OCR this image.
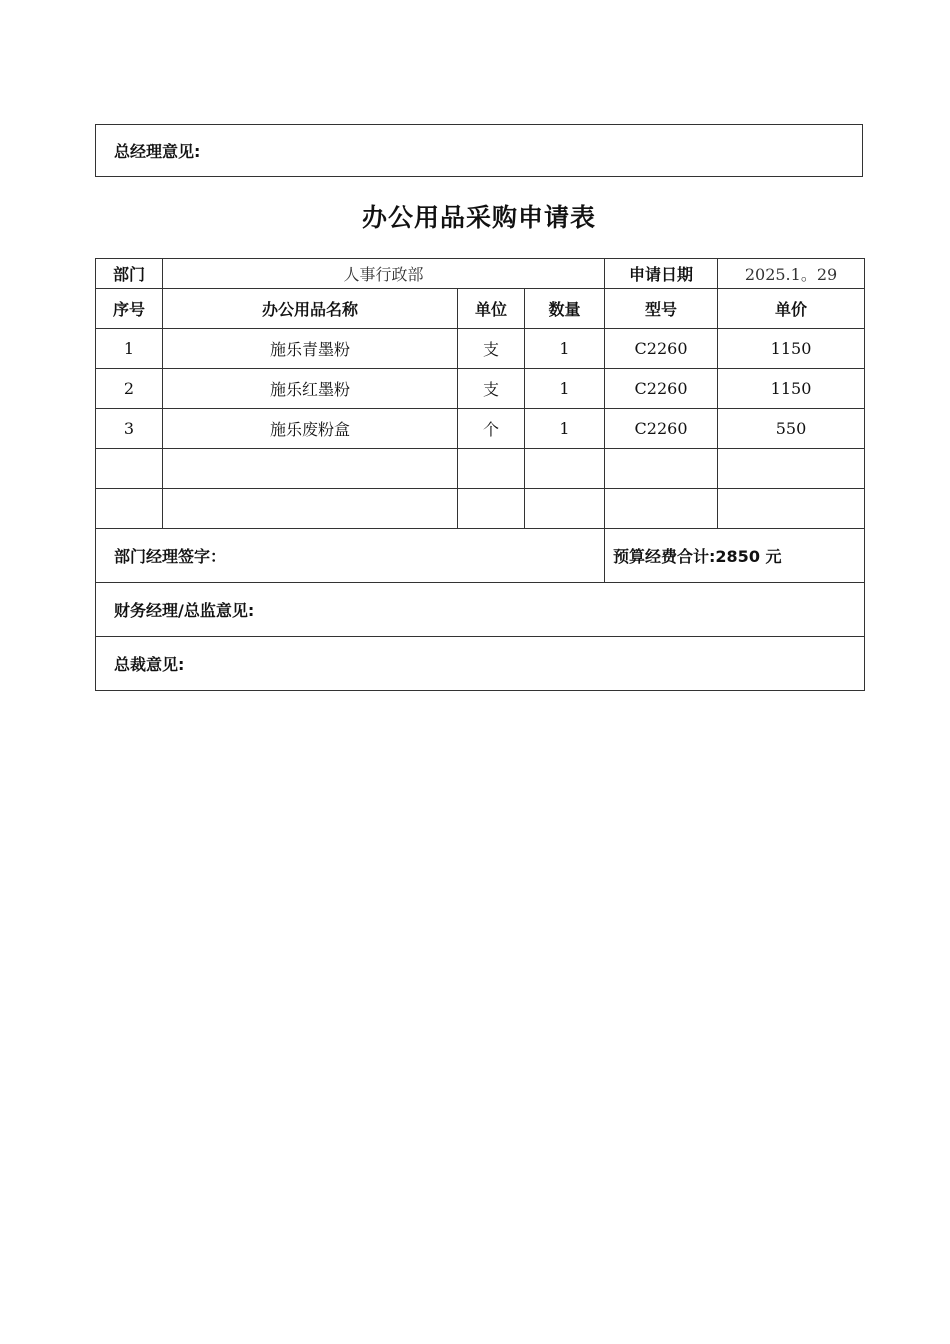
总经理意见:
办公用品采购申请表
部门	人事行政部			申请日期	2025.1。29
序号	办公用品名称	单位	数量	型号	单价
1	施乐青墨粉	支	1	C2260	1150
2	施乐红墨粉	支	1	C2260	1150
3	施乐废粉盒	个	1	C2260	550

部门经理签字：				预算经费合计:2850 元	
财务经理/总监意见:					
总裁意见:					
